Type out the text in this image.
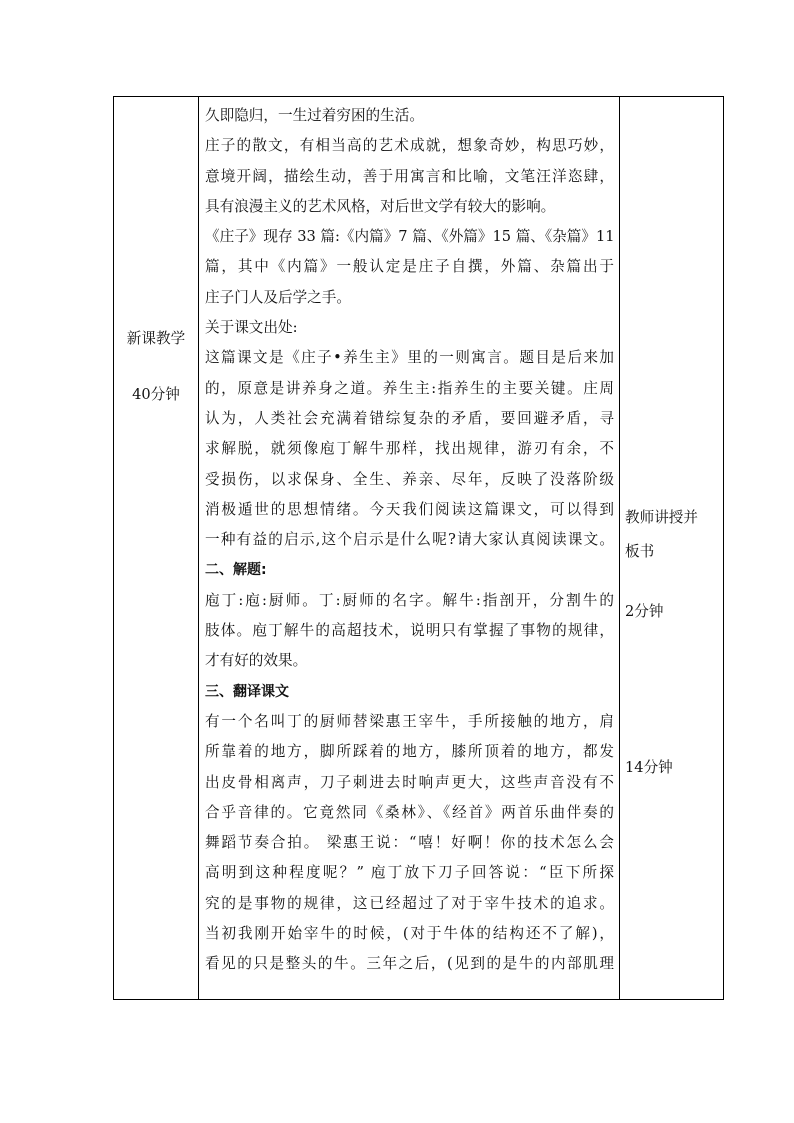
新课教学
40分钟
久即隐归，一生过着穷困的生活。
庄子的散文，有相当高的艺术成就，想象奇妙，构思巧妙，
意境开阔，描绘生动，善于用寓言和比喻，文笔汪洋恣肆，
具有浪漫主义的艺术风格，对后世文学有较大的影响。
《庄子》现存 33 篇:《内篇》7 篇、《外篇》15 篇、《杂篇》11
篇，其中《内篇》一般认定是庄子自撰，外篇、杂篇出于
庄子门人及后学之手。
关于课文出处:
这篇课文是《庄子•养生主》里的一则寓言。题目是后来加
的，原意是讲养身之道。养生主:指养生的主要关键。庄周
认为，人类社会充满着错综复杂的矛盾，要回避矛盾，寻
求解脱，就须像庖丁解牛那样，找出规律，游刃有余，不
受损伤，以求保身、全生、养亲、尽年，反映了没落阶级
消极遁世的思想情绪。今天我们阅读这篇课文，可以得到
一种有益的启示,这个启示是什么呢?请大家认真阅读课文。
二、解题:
庖丁:庖:厨师。丁:厨师的名字。解牛:指剖开，分割牛的
肢体。庖丁解牛的高超技术，说明只有掌握了事物的规律，
才有好的效果。
三、翻译课文
有一个名叫丁的厨师替梁惠王宰牛，手所接触的地方，肩
所靠着的地方，脚所踩着的地方，膝所顶着的地方，都发
出皮骨相离声，刀子刺进去时响声更大，这些声音没有不
合乎音律的。它竟然同《桑林》、《经首》两首乐曲伴奏的
舞蹈节奏合拍。 梁惠王说：“嘻！好啊！你的技术怎么会
高明到这种程度呢？” 庖丁放下刀子回答说：“臣下所探
究的是事物的规律，这已经超过了对于宰牛技术的追求。
当初我刚开始宰牛的时候，(对于牛体的结构还不了解)，
看见的只是整头的牛。三年之后，(见到的是牛的内部肌理
教师讲授并
板书
2分钟
14分钟
